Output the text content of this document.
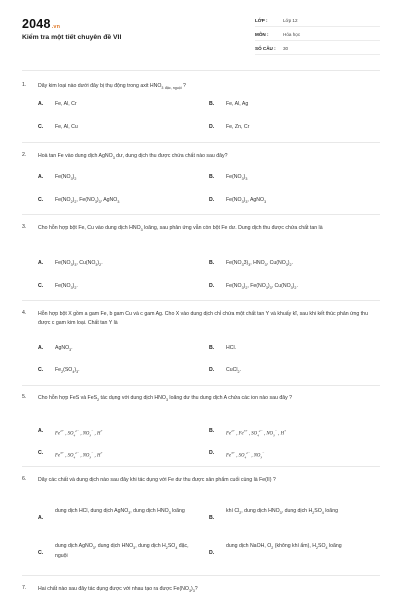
2048.vn
Kiểm tra một tiết chuyên đề VII
LỚP :	Lớp 12
MÔN :	Hóa học
SỐ CÂU : 30
1. Dãy kim loại nào dưới đây bị thụ động trong axit $HNO_3$ $_{đặc, nguội}$ ?
A. Fe, Al, Cr	B. Fe, Al, Ag
C. Fe, Al, Cu	D. Fe, Zn, Cr
2. Hoà tan Fe vào dung dịch AgNO$_3$ dư, dung dịch thu được chứa chất nào sau đây?
A. $Fe(NO_3)_2$	B. $Fe(NO_3)_3$
C. $Fe(NO_2)_2$, $Fe(NO_3)_3$, AgNO$_3$	D. $Fe(NO_3)_3$, AgNO$_3$
3. Cho hỗn hợp bột Fe, Cu vào dung dịch $HNO_3$ loãng, sau phản ứng vẫn còn bột Fe dư. Dung dịch thu được chứa chất tan là
A. $Fe(NO_3)_3$, $Cu(NO_3)_2$.	B. $Fe(NO_33)_3$, $HNO_3$, $Cu(NO_3)_2$.
C. $Fe(NO_3)_2$.	D. $Fe(NO_3)_2$, $Fe(NO_3)_3$, $Cu(NO_3)_2$.
4. Hỗn hợp bột X gồm a gam Fe, b gam Cu và c gam Ag. Cho X vào dung dịch chỉ chứa một chất tan Y và khuấy kĩ, sau khi kết thúc phản ứng thu được c gam kim loại. Chất tan Y là
A. AgNO$_3$.	B. HCl.
C. $Fe_2(SO_4)_3$.	D. CuCl$_2$.
5. Cho hỗn hợp FeS và FeS$_2$ tác dụng với dung dịch $HNO_3$ loãng dư thu dung dịch A chứa các ion nào sau đây ?
A.
$Fe^{2+}$ , $SO_4^{2-}$ , $NO_3^-$ , H+	B.
$Fe^{2+}$ , $Fe^{3+}$ , $SO_4^{2-}$ , $NO_3^-$ , H+
C.
$Fe^{3+}$ , $SO_4^{2-}$ , $NO_3^-$ , H+	D.
$Fe^{3+}$ , $SO_4^{2-}$ , $NO_3^-$
6. Dãy các chất và dung dịch nào sau đây khi tác dụng với Fe dư thu được sản phẩm cuối cùng là Fe(II) ?
A.
dung dịch HCl, dung dịch AgNO$_3$, dung dịch $HNO_3$ loãng
B.
khí $Cl_2$, dung dịch $HNO_3$, dung dịch $H_2SO_4$ loãng
C.
dung dịch AgNO$_3$, dung dịch $HNO_3$, dung dịch $H_2SO_4$ đặc, nguội	D.
dung dịch NaOH, $O_2$ (không khí ẩm), $H_2SO_4$ loãng
7. Hai chất nào sau đây tác dụng được với nhau tạo ra được $Fe(NO_3)_3$?
